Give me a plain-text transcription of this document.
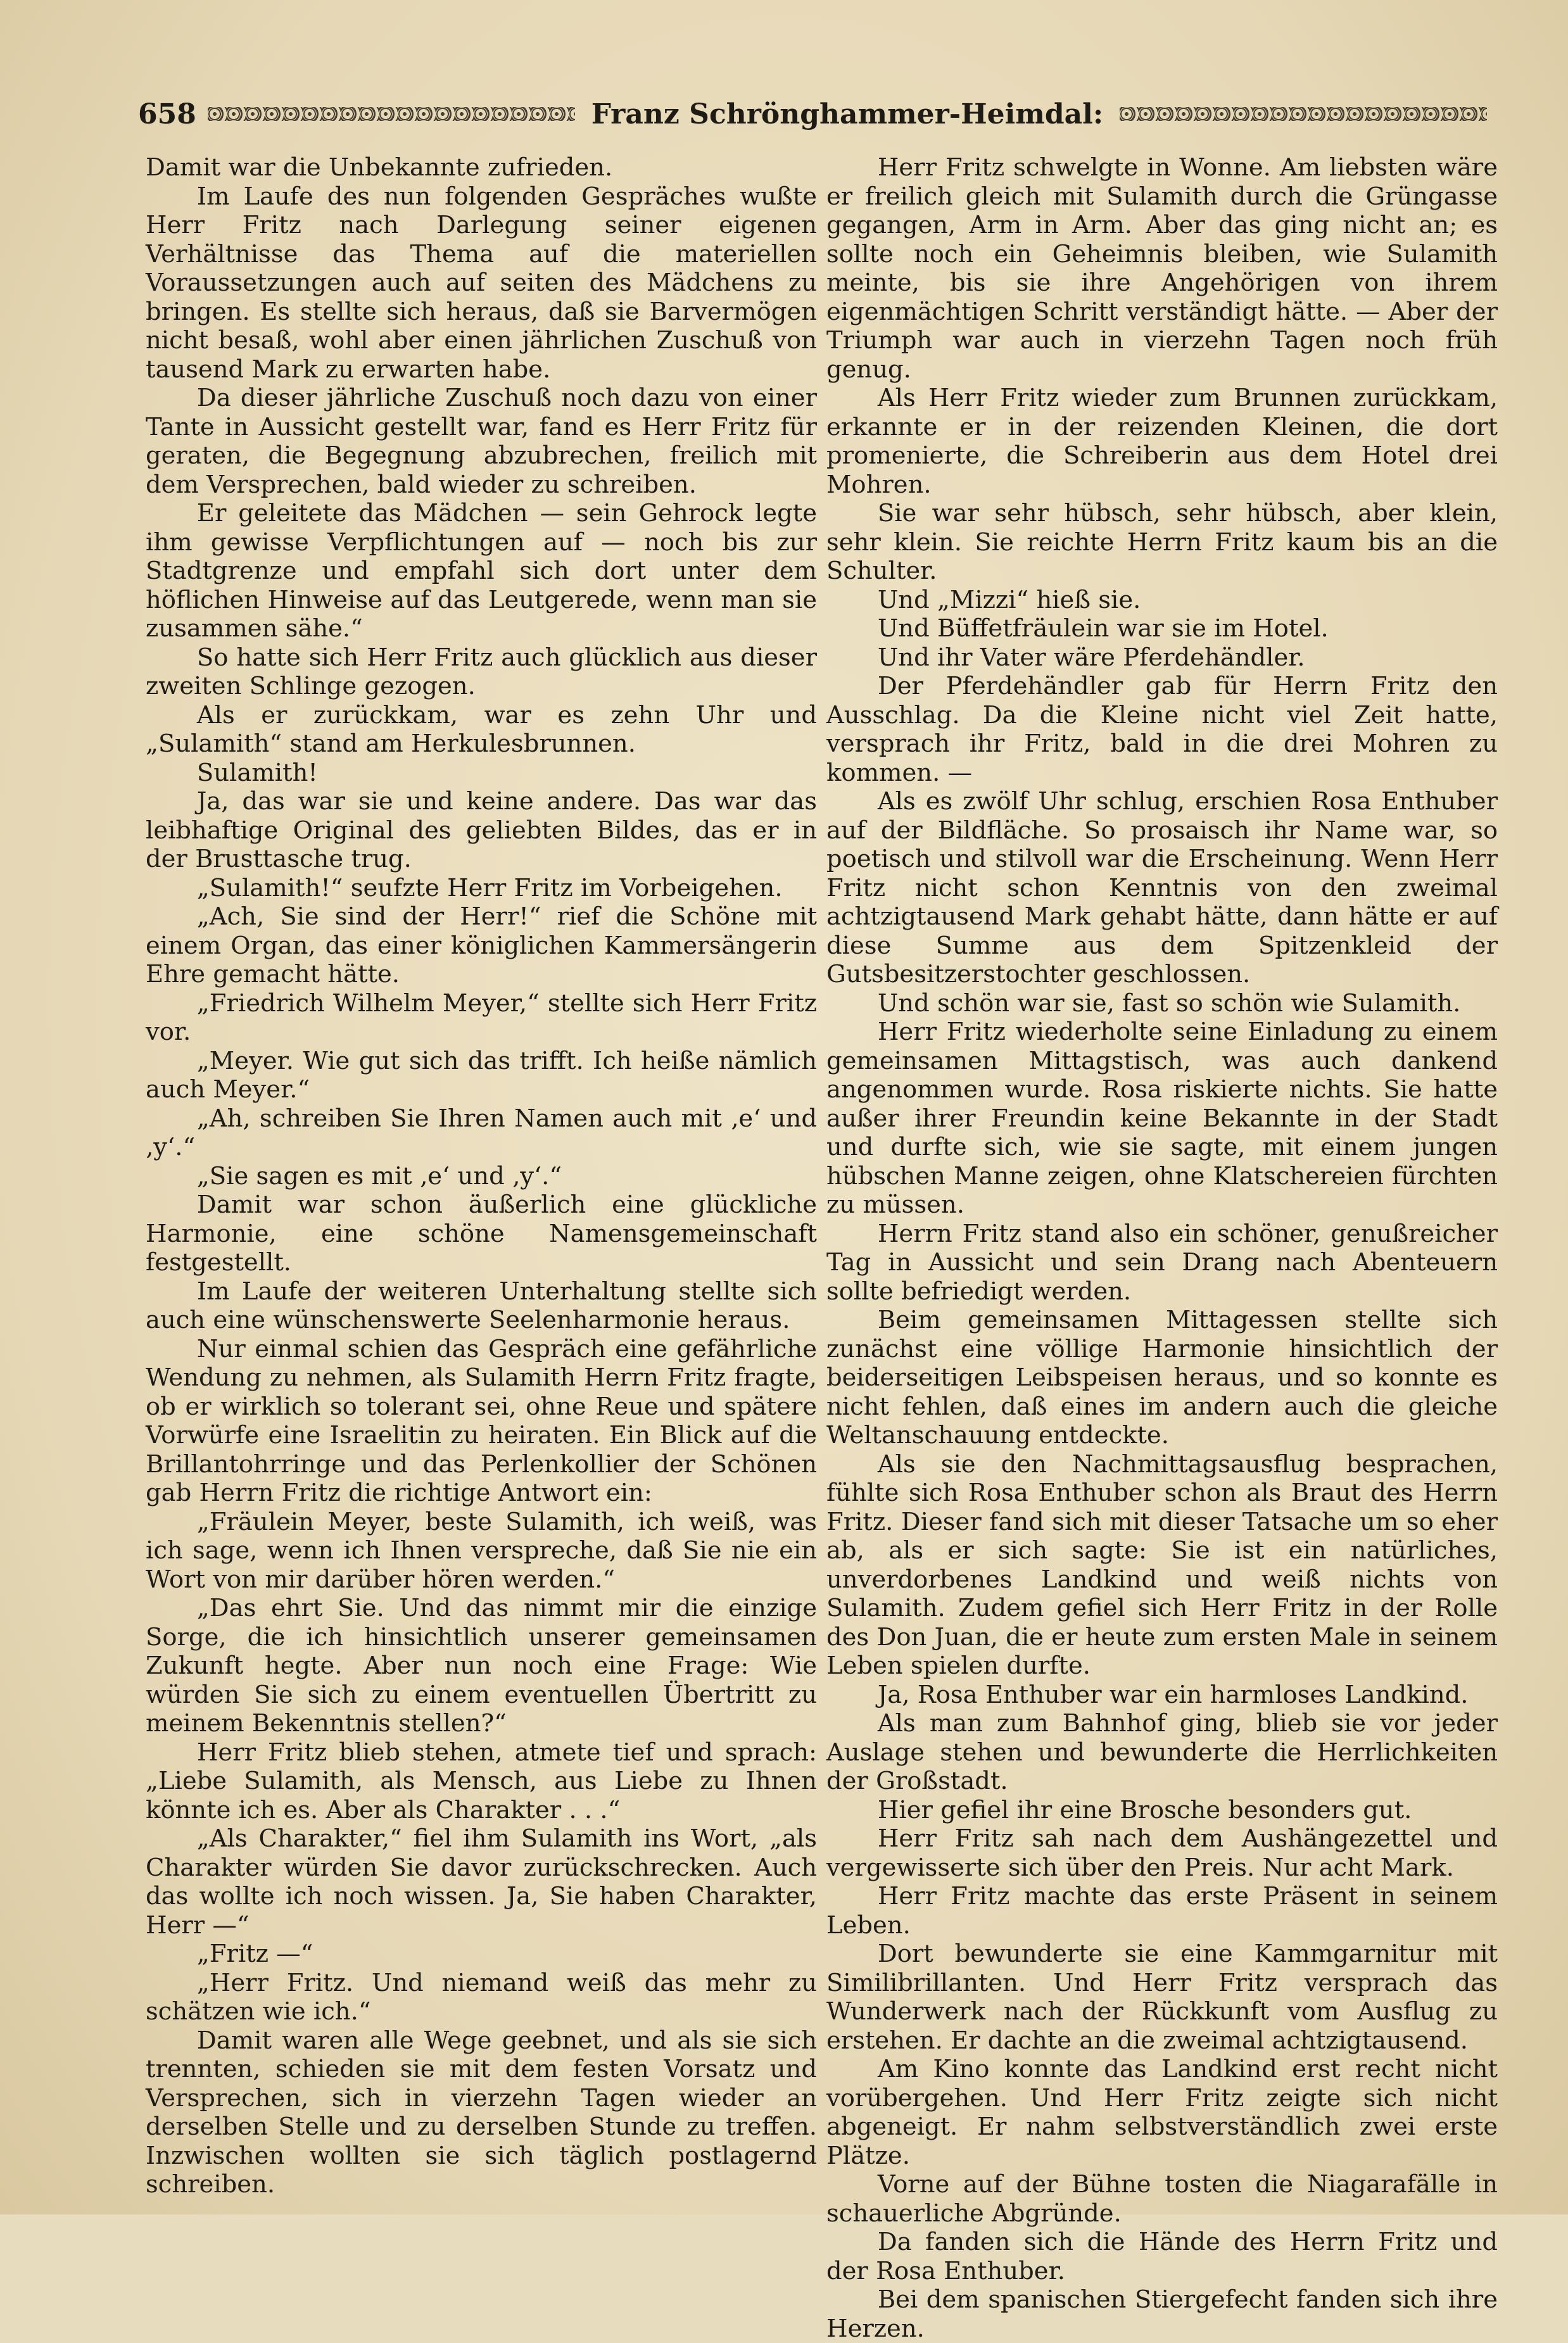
658	Franz Schrönghammer-Heimdal:

Damit war die Unbekannte zufrieden.

Im Laufe des nun folgenden Gespräches wußte Herr Fritz nach Darlegung seiner eigenen Verhältnisse das Thema auf die materiellen Voraussetzungen auch auf seiten des Mädchens zu bringen. Es stellte sich heraus, daß sie Barvermögen nicht besaß, wohl aber einen jährlichen Zuschuß von tausend Mark zu erwarten habe.

Da dieser jährliche Zuschuß noch dazu von einer Tante in Aussicht gestellt war, fand es Herr Fritz für geraten, die Begegnung abzubrechen, freilich mit dem Versprechen, bald wieder zu schreiben.

Er geleitete das Mädchen — sein Gehrock legte ihm gewisse Verpflichtungen auf — noch bis zur Stadtgrenze und empfahl sich dort unter dem höflichen Hinweise auf das Leutgerede, wenn man sie zusammen sähe.“

So hatte sich Herr Fritz auch glücklich aus dieser zweiten Schlinge gezogen.

Als er zurückkam, war es zehn Uhr und „Sulamith“ stand am Herkulesbrunnen.

Sulamith!

Ja, das war sie und keine andere. Das war das leibhaftige Original des geliebten Bildes, das er in der Brusttasche trug.

„Sulamith!“ seufzte Herr Fritz im Vorbeigehen.

„Ach, Sie sind der Herr!“ rief die Schöne mit einem Organ, das einer königlichen Kammersängerin Ehre gemacht hätte.

„Friedrich Wilhelm Meyer,“ stellte sich Herr Fritz vor.

„Meyer. Wie gut sich das trifft. Ich heiße nämlich auch Meyer.“

„Ah, schreiben Sie Ihren Namen auch mit ‚e‘ und ‚y‘.“

„Sie sagen es mit ‚e‘ und ‚y‘.“

Damit war schon äußerlich eine glückliche Harmonie, eine schöne Namensgemeinschaft festgestellt.

Im Laufe der weiteren Unterhaltung stellte sich auch eine wünschenswerte Seelenharmonie heraus.

Nur einmal schien das Gespräch eine gefährliche Wendung zu nehmen, als Sulamith Herrn Fritz fragte, ob er wirklich so tolerant sei, ohne Reue und spätere Vorwürfe eine Israelitin zu heiraten. Ein Blick auf die Brillantohrringe und das Perlenkollier der Schönen gab Herrn Fritz die richtige Antwort ein:

„Fräulein Meyer, beste Sulamith, ich weiß, was ich sage, wenn ich Ihnen verspreche, daß Sie nie ein Wort von mir darüber hören werden.“

„Das ehrt Sie. Und das nimmt mir die einzige Sorge, die ich hinsichtlich unserer gemeinsamen Zukunft hegte. Aber nun noch eine Frage: Wie würden Sie sich zu einem eventuellen Übertritt zu meinem Bekenntnis stellen?“

Herr Fritz blieb stehen, atmete tief und sprach: „Liebe Sulamith, als Mensch, aus Liebe zu Ihnen könnte ich es. Aber als Charakter . . .“

„Als Charakter,“ fiel ihm Sulamith ins Wort, „als Charakter würden Sie davor zurückschrecken. Auch das wollte ich noch wissen. Ja, Sie haben Charakter, Herr —“

„Fritz —“

„Herr Fritz. Und niemand weiß das mehr zu schätzen wie ich.“

Damit waren alle Wege geebnet, und als sie sich trennten, schieden sie mit dem festen Vorsatz und Versprechen, sich in vierzehn Tagen wieder an derselben Stelle und zu derselben Stunde zu treffen. Inzwischen wollten sie sich täglich postlagernd schreiben.

Herr Fritz schwelgte in Wonne. Am liebsten wäre er freilich gleich mit Sulamith durch die Grüngasse gegangen, Arm in Arm. Aber das ging nicht an; es sollte noch ein Geheimnis bleiben, wie Sulamith meinte, bis sie ihre Angehörigen von ihrem eigenmächtigen Schritt verständigt hätte. — Aber der Triumph war auch in vierzehn Tagen noch früh genug.

Als Herr Fritz wieder zum Brunnen zurückkam, erkannte er in der reizenden Kleinen, die dort promenierte, die Schreiberin aus dem Hotel drei Mohren.

Sie war sehr hübsch, sehr hübsch, aber klein, sehr klein. Sie reichte Herrn Fritz kaum bis an die Schulter.

Und „Mizzi“ hieß sie.

Und Büffetfräulein war sie im Hotel.

Und ihr Vater wäre Pferdehändler.

Der Pferdehändler gab für Herrn Fritz den Ausschlag. Da die Kleine nicht viel Zeit hatte, versprach ihr Fritz, bald in die drei Mohren zu kommen. —

Als es zwölf Uhr schlug, erschien Rosa Enthuber auf der Bildfläche. So prosaisch ihr Name war, so poetisch und stilvoll war die Erscheinung. Wenn Herr Fritz nicht schon Kenntnis von den zweimal achtzigtausend Mark gehabt hätte, dann hätte er auf diese Summe aus dem Spitzenkleid der Gutsbesitzerstochter geschlossen.

Und schön war sie, fast so schön wie Sulamith.

Herr Fritz wiederholte seine Einladung zu einem gemeinsamen Mittagstisch, was auch dankend angenommen wurde. Rosa riskierte nichts. Sie hatte außer ihrer Freundin keine Bekannte in der Stadt und durfte sich, wie sie sagte, mit einem jungen hübschen Manne zeigen, ohne Klatschereien fürchten zu müssen.

Herrn Fritz stand also ein schöner, genußreicher Tag in Aussicht und sein Drang nach Abenteuern sollte befriedigt werden.

Beim gemeinsamen Mittagessen stellte sich zunächst eine völlige Harmonie hinsichtlich der beiderseitigen Leibspeisen heraus, und so konnte es nicht fehlen, daß eines im andern auch die gleiche Weltanschauung entdeckte.

Als sie den Nachmittagsausflug besprachen, fühlte sich Rosa Enthuber schon als Braut des Herrn Fritz. Dieser fand sich mit dieser Tatsache um so eher ab, als er sich sagte: Sie ist ein natürliches, unverdorbenes Landkind und weiß nichts von Sulamith. Zudem gefiel sich Herr Fritz in der Rolle des Don Juan, die er heute zum ersten Male in seinem Leben spielen durfte.

Ja, Rosa Enthuber war ein harmloses Landkind.

Als man zum Bahnhof ging, blieb sie vor jeder Auslage stehen und bewunderte die Herrlichkeiten der Großstadt.

Hier gefiel ihr eine Brosche besonders gut.

Herr Fritz sah nach dem Aushängezettel und vergewisserte sich über den Preis. Nur acht Mark.

Herr Fritz machte das erste Präsent in seinem Leben.

Dort bewunderte sie eine Kammgarnitur mit Similibrillanten. Und Herr Fritz versprach das Wunderwerk nach der Rückkunft vom Ausflug zu erstehen. Er dachte an die zweimal achtzigtausend.

Am Kino konnte das Landkind erst recht nicht vorübergehen. Und Herr Fritz zeigte sich nicht abgeneigt. Er nahm selbstverständlich zwei erste Plätze.

Vorne auf der Bühne tosten die Niagarafälle in schauerliche Abgründe.

Da fanden sich die Hände des Herrn Fritz und der Rosa Enthuber.

Bei dem spanischen Stiergefecht fanden sich ihre Herzen.
